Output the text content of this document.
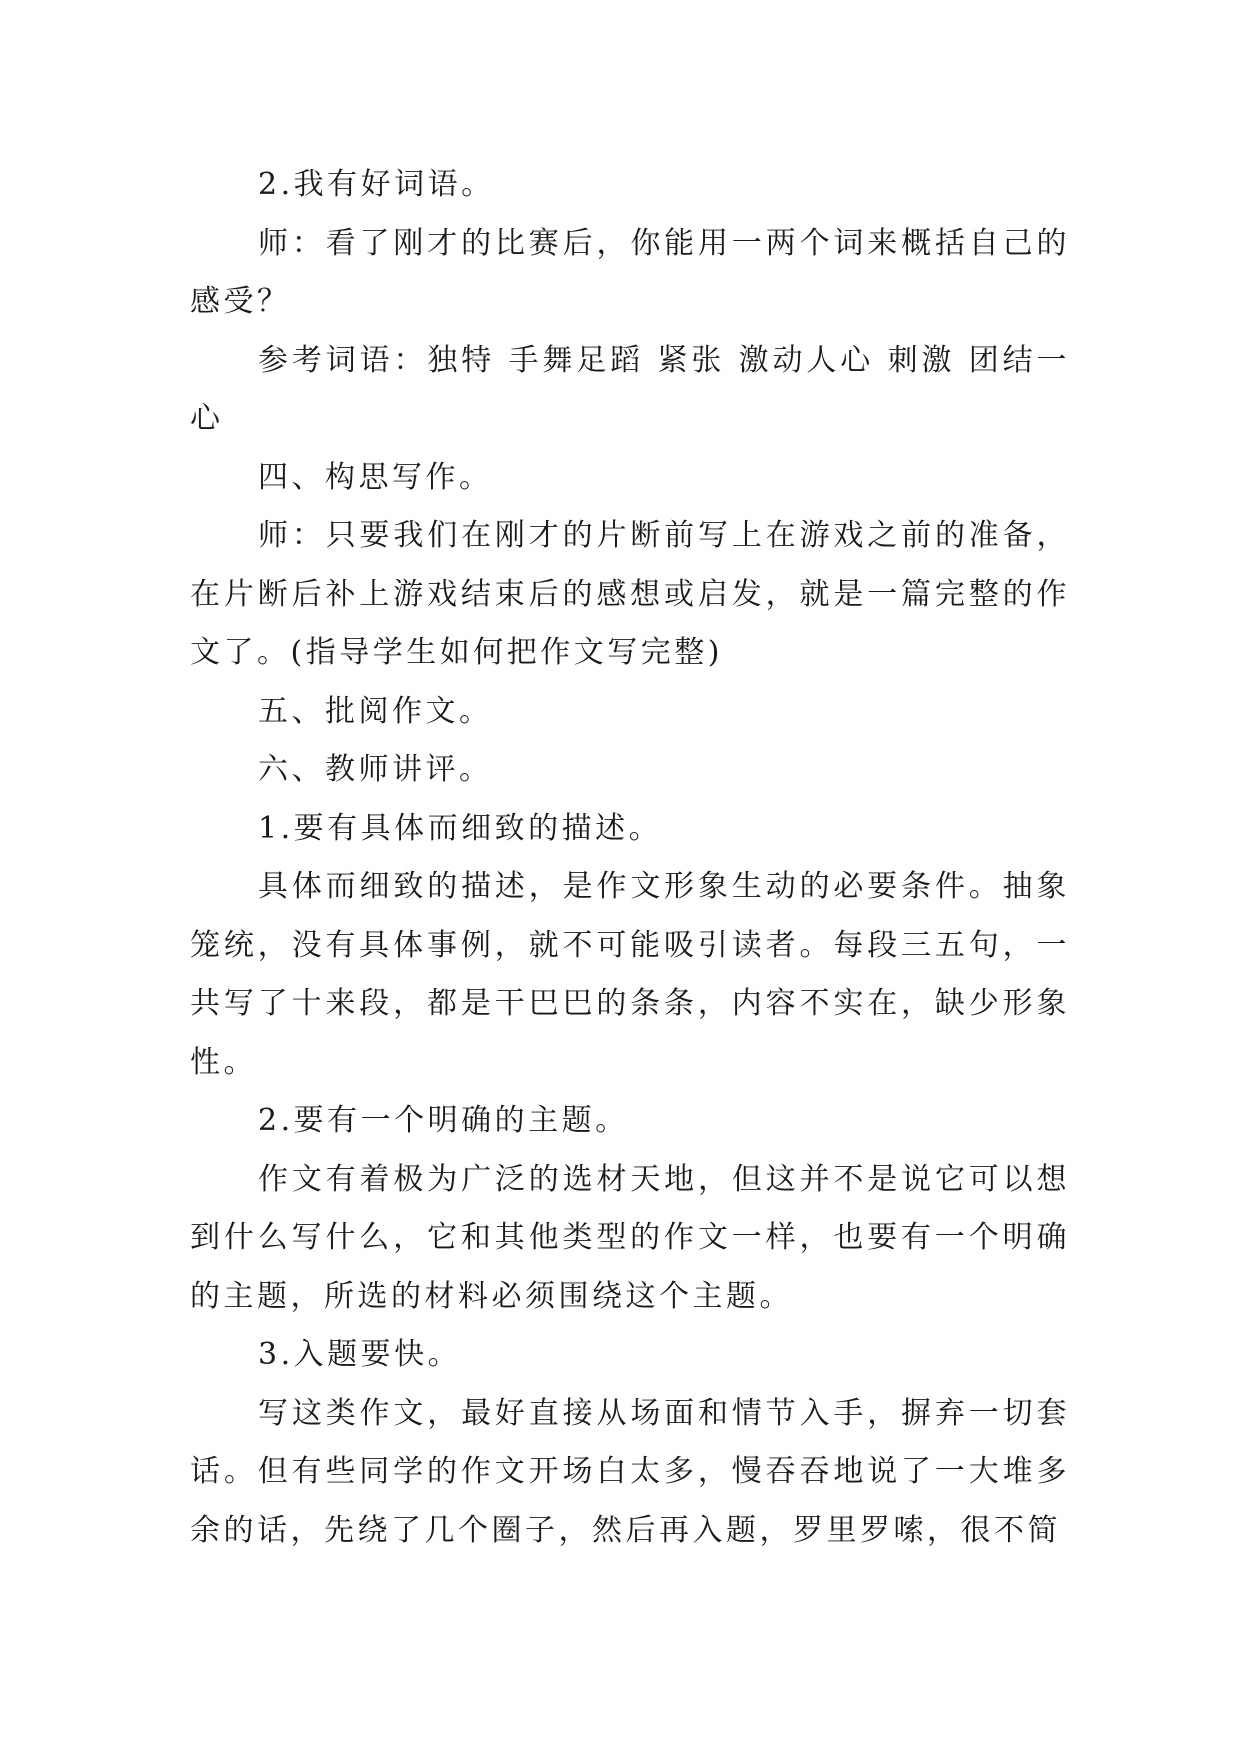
2.我有好词语。

师：看了刚才的比赛后，你能用一两个词来概括自己的感受？

参考词语：独特 手舞足蹈 紧张 激动人心 刺激 团结一心

四、构思写作。

师：只要我们在刚才的片断前写上在游戏之前的准备，在片断后补上游戏结束后的感想或启发，就是一篇完整的作文了。(指导学生如何把作文写完整)

五、批阅作文。

六、教师讲评。

1.要有具体而细致的描述。

具体而细致的描述，是作文形象生动的必要条件。抽象笼统，没有具体事例，就不可能吸引读者。每段三五句，一共写了十来段，都是干巴巴的条条，内容不实在，缺少形象性。

2.要有一个明确的主题。

作文有着极为广泛的选材天地，但这并不是说它可以想到什么写什么，它和其他类型的作文一样，也要有一个明确的主题，所选的材料必须围绕这个主题。

3.入题要快。

写这类作文，最好直接从场面和情节入手，摒弃一切套话。但有些同学的作文开场白太多，慢吞吞地说了一大堆多余的话，先绕了几个圈子，然后再入题，罗里罗嗦，很不简
